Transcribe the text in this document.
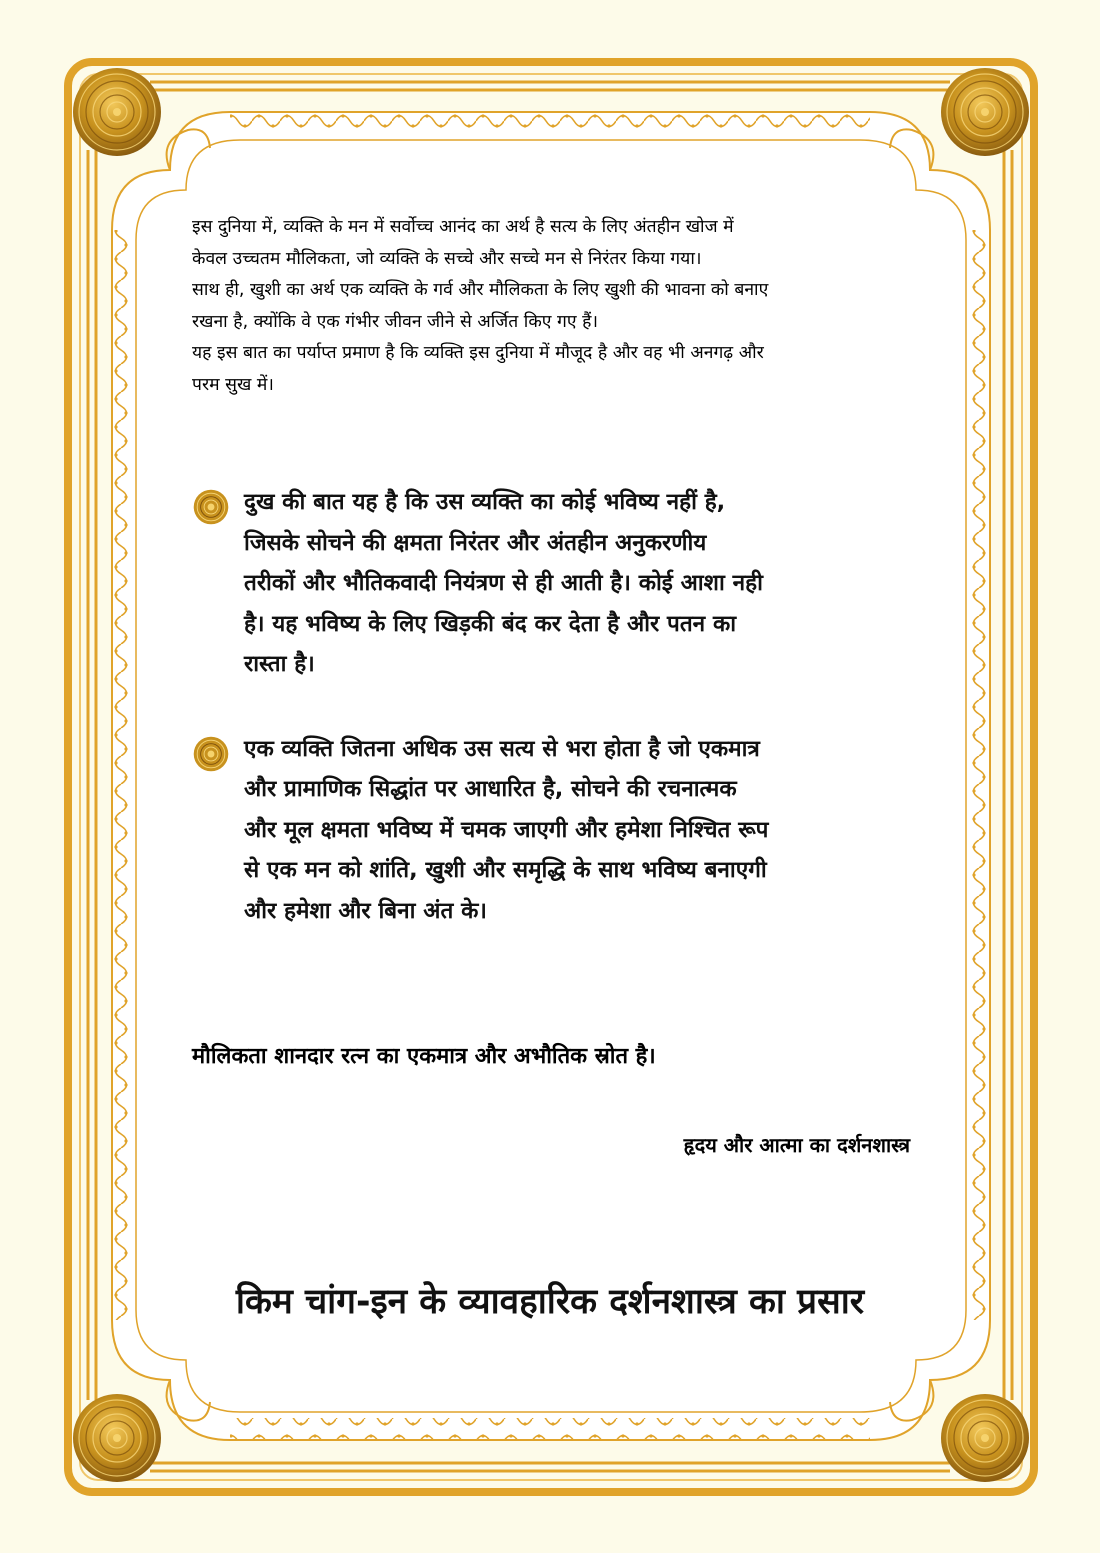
इस दुनिया में, व्यक्ति के मन में सर्वोच्च आनंद का अर्थ है सत्य के लिए अंतहीन खोज में

केवल उच्चतम मौलिकता, जो व्यक्ति के सच्चे और सच्चे मन से निरंतर किया गया।

साथ ही, खुशी का अर्थ एक व्यक्ति के गर्व और मौलिकता के लिए खुशी की भावना को बनाए

रखना है, क्योंकि वे एक गंभीर जीवन जीने से अर्जित किए गए हैं।

यह इस बात का पर्याप्त प्रमाण है कि व्यक्ति इस दुनिया में मौजूद है और वह भी अनगढ़ और

परम सुख में।

दुख की बात यह है कि उस व्यक्ति का कोई भविष्य नहीं है,

जिसके सोचने की क्षमता निरंतर और अंतहीन अनुकरणीय

तरीकों और भौतिकवादी नियंत्रण से ही आती है। कोई आशा नही

है। यह भविष्य के लिए खिड़की बंद कर देता है और पतन का

रास्ता है।

एक व्यक्ति जितना अधिक उस सत्य से भरा होता है जो एकमात्र

और प्रामाणिक सिद्धांत पर आधारित है, सोचने की रचनात्मक

और मूल क्षमता भविष्य में चमक जाएगी और हमेशा निश्चित रूप

से एक मन को शांति, खुशी और समृद्धि के साथ भविष्य बनाएगी

और हमेशा और बिना अंत के।

मौलिकता शानदार रत्न का एकमात्र और अभौतिक स्रोत है।
हृदय और आत्मा का दर्शनशास्त्र
किम चांग-इन के व्यावहारिक दर्शनशास्त्र का प्रसार
